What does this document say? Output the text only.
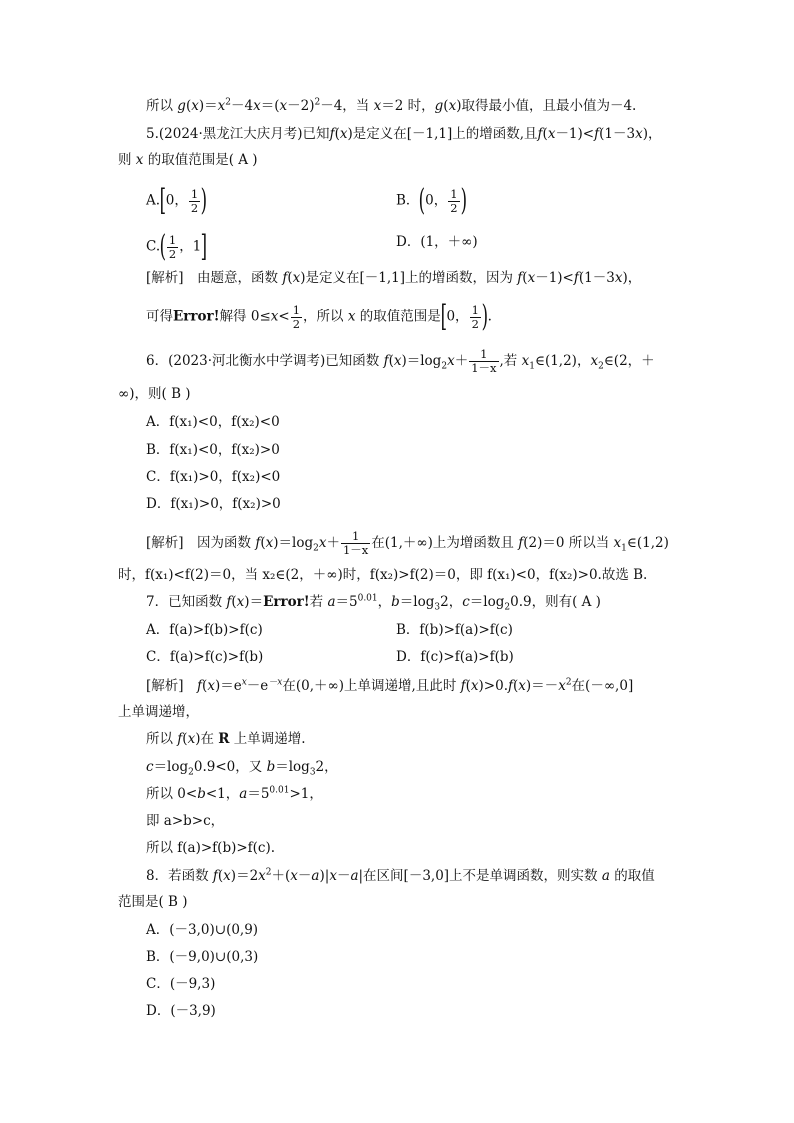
所以 $g(x)=x^2-4x=(x-2)^2-4$，当 x＝2 时，g(x)取得最小值，且最小值为－4.
5.(2024·黑龙江大庆月考)已知f(x)是定义在[－1,1]上的增函数,且f(x－1)<f(1－3x)，
则 x 的取值范围是( A )
A.[0， $\frac{1}{2}$ )	B．(0， $\frac{1}{2}$ )
$C.( \frac{1}{2}$ ，1]	D．(1，＋∞)
[解析]　由题意，函数 f(x)是定义在[－1,1]上的增函数，因为 f(x－1)<f(1－3x)，
可得Error!解得 $0\le x< \frac{1}{2}$ ，所以 x 的取值范围是[0， $\frac{1}{2}$ ).
6．(2023·河北衡水中学调考)已知函数 $f(x)=\log_2x+ \frac{1}{1-x}$ ,若 $x_1\in(1,2)$，$x_2\in(2$，＋
∞)，则( B )
A．f(x₁)<0，f(x₂)<0
B．f(x₁)<0，f(x₂)>0
C．f(x₁)>0，f(x₂)<0
D．f(x₁)>0，f(x₂)>0
[解析]　因为函数 $f(x)=\log_2x+ \frac{1}{1-x}$ 在(1,＋∞)上为增函数且 f(2)＝0 所以当 $x_1\in(1,2)$
时，f(x₁)<f(2)＝0，当 x₂∈(2，＋∞)时，f(x₂)>f(2)＝0，即 f(x₁)<0，f(x₂)>0.故选 B.
7．已知函数 f(x)＝Error!若 $a=5^{0.01}$，$b=\log_32$，$c=\log_20.9$，则有( A )
A．f(a)>f(b)>f(c)	B．f(b)>f(a)>f(c)
C．f(a)>f(c)>f(b)	D．f(c)>f(a)>f(b)
[解析]　$f(x)=e^x-e^{-x}$在(0,＋∞)上单调递增,且此时 $f(x)>0.f(x)=-x^2$在(－∞,0]
上单调递增，
所以 f(x)在 R 上单调递增.
$c=\log_20.9<0$，又 $b=\log_32$，
所以 0<b<1，$a=5^{0.01}>1$，
即 a>b>c，
所以 f(a)>f(b)>f(c).
8．若函数 $f(x)=2x^2+(x-a)|x-a|$在区间[－3,0]上不是单调函数，则实数 a 的取值
范围是( B )
A．(－3,0)∪(0,9)
B．(－9,0)∪(0,3)
C．(－9,3)
D．(－3,9)
